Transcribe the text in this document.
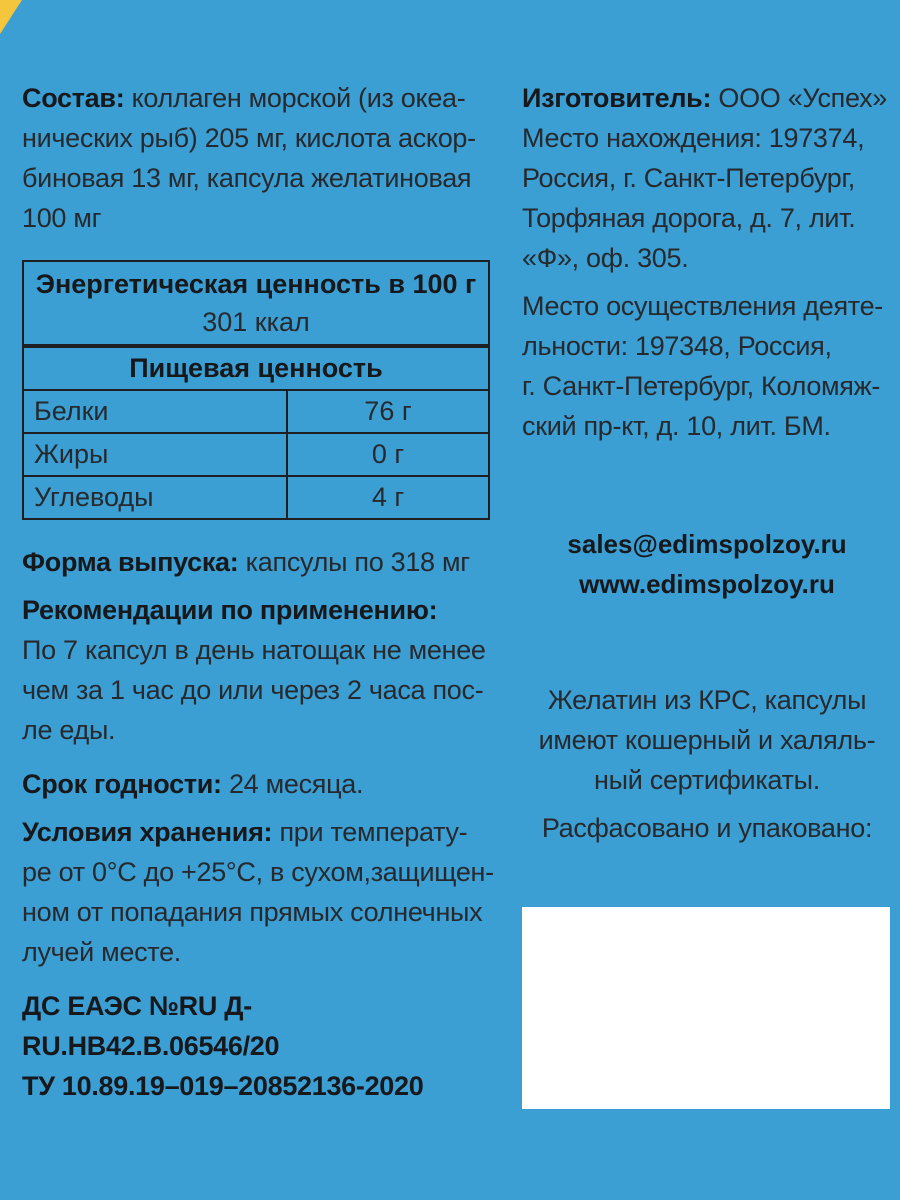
Состав: коллаген морской (из океа-
нических рыб) 205 мг, кислота аскор-
биновая 13 мг, капсула желатиновая
100 мг

Энергетическая ценность в 100 г
301 ккал	
Пищевая ценность	
Белки	76 г
Жиры	0 г
Углеводы	4 г

Форма выпуска: капсулы по 318 мг

Рекомендации по применению:

По 7 капсул в день натощак не менее
чем за 1 час до или через 2 часа пос-
ле еды.

Срок годности: 24 месяца.

Условия хранения: при температу-
ре от 0°С до +25°С, в сухом,защищен-
ном от попадания прямых солнечных
лучей месте.

ДС ЕАЭС №RU Д-RU.НВ42.В.06546/20

ТУ 10.89.19–019–20852136-2020

Изготовитель: ООО «Успех»
Место нахождения: 197374,
Россия, г. Санкт-Петербург,
Торфяная дорога, д. 7, лит.
«Ф», оф. 305.

Место осуществления деяте-
льности: 197348, Россия,
г. Санкт-Петербург, Коломяж-
ский пр-кт, д. 10, лит. БМ.

sales@edimspolzoy.ru

www.edimspolzoy.ru

Желатин из КРС, капсулы
имеют кошерный и халяль-
ный сертификаты.

Расфасовано и упаковано:
